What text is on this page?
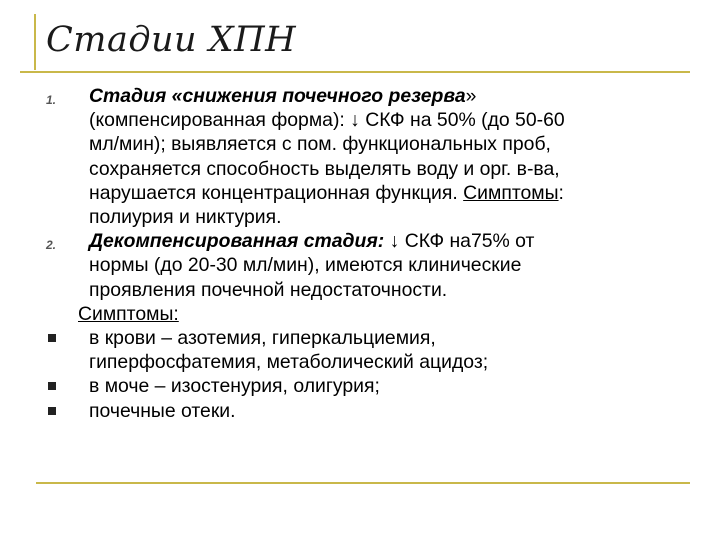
Стадии ХПН
1. Стадия «снижения почечного резерва»
(компенсированная форма): ↓ СКФ на 50% (до 50-60
мл/мин); выявляется с пом. функциональных проб,
сохраняется способность выделять воду и орг. в-ва,
нарушается концентрационная функция. Симптомы:
полиурия и никтурия.
2. Декомпенсированная стадия: ↓ СКФ на75% от
нормы (до 20-30 мл/мин), имеются клинические
проявления почечной недостаточности.
Симптомы:
в крови – азотемия, гиперкальциемия,
гиперфосфатемия, метаболический ацидоз;
в моче – изостенурия, олигурия;
почечные отеки.
